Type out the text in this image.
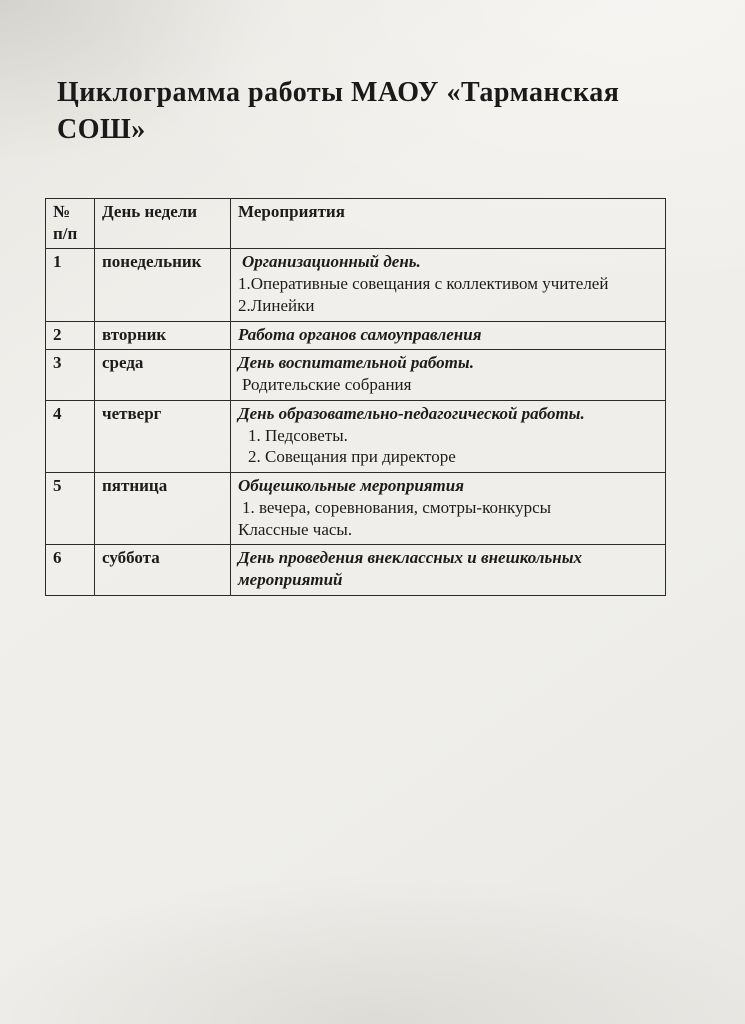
Циклограмма работы МАОУ «Тарманская СОШ»
№ п/п	День недели	Мероприятия
1	понедельник	Организационный день.
1.Оперативные совещания с коллективом учителей
2.Линейки

2	вторник	Работа органов самоуправления

3	среда	День воспитательной работы.
Родительские собрания

4	четверг	День образовательно-педагогической работы.
1. Педсоветы.
2. Совещания при директоре

5	пятница	Общешкольные мероприятия
1. вечера, соревнования, смотры-конкурсы
Классные часы.

6	суббота	День проведения внеклассных и внешкольных мероприятий
